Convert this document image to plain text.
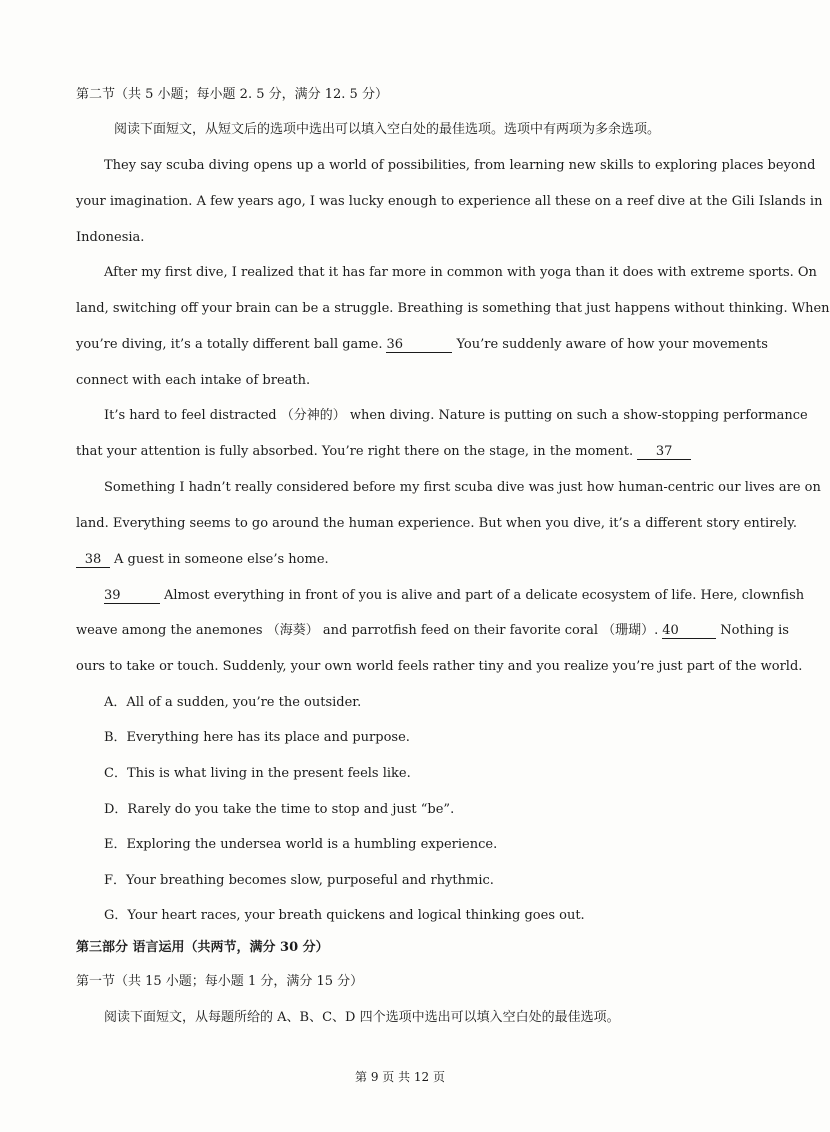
第二节（共 5 小题；每小题 2. 5 分，满分 12. 5 分）
阅读下面短文，从短文后的选项中选出可以填入空白处的最佳选项。选项中有两项为多余选项。
They say scuba diving opens up a world of possibilities, from learning new skills to exploring places beyond
your imagination. A few years ago, I was lucky enough to experience all these on a reef dive at the Gili Islands in
Indonesia.
After my first dive, I realized that it has far more in common with yoga than it does with extreme sports. On
land, switching off your brain can be a struggle. Breathing is something that just happens without thinking. When
you’re diving, it’s a totally different ball game. 36	You’re suddenly aware of how your movements
connect with each intake of breath.
It’s hard to feel distracted （分神的） when diving. Nature is putting on such a show-stopping performance
that your attention is fully absorbed. You’re right there on the stage, in the moment. 37
Something I hadn’t really considered before my first scuba dive was just how human-centric our lives are on
land. Everything seems to go around the human experience. But when you dive, it’s a different story entirely.
38 A guest in someone else’s home.
39	Almost everything in front of you is alive and part of a delicate ecosystem of life. Here, clownfish
weave among the anemones （海葵） and parrotfish feed on their favorite coral （珊瑚）. 40	Nothing is
ours to take or touch. Suddenly, your own world feels rather tiny and you realize you’re just part of the world.
A．All of a sudden, you’re the outsider.
B．Everything here has its place and purpose.
C．This is what living in the present feels like.
D．Rarely do you take the time to stop and just “be”.
E．Exploring the undersea world is a humbling experience.
F．Your breathing becomes slow, purposeful and rhythmic.
G．Your heart races, your breath quickens and logical thinking goes out.
第三部分 语言运用（共两节，满分 30 分）
第一节（共 15 小题；每小题 1 分，满分 15 分）
阅读下面短文，从每题所给的 A、B、C、D 四个选项中选出可以填入空白处的最佳选项。
第 9 页 共 12 页
